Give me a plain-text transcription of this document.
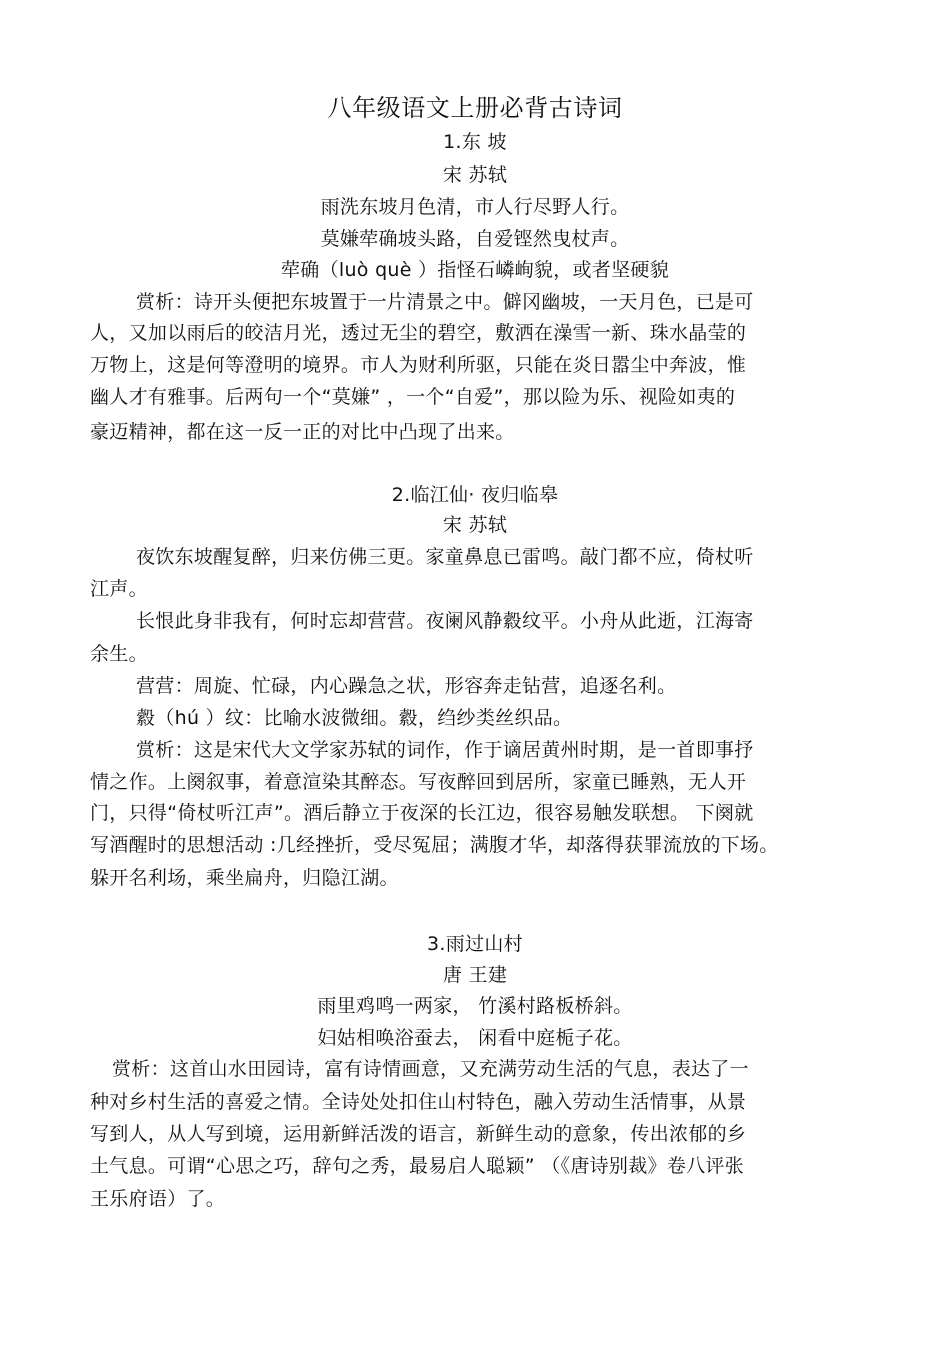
八年级语文上册必背古诗词
1.东 坡
宋 苏轼
雨洗东坡月色清，市人行尽野人行。
莫嫌荦确坡头路，自爱铿然曳杖声。
荦确（luò què ）指怪石嶙峋貌，或者坚硬貌
赏析：诗开头便把东坡置于一片清景之中。僻冈幽坡，一天月色，已是可
人，又加以雨后的皎洁月光，透过无尘的碧空，敷洒在澡雪一新、珠水晶莹的
万物上，这是何等澄明的境界。市人为财利所驱，只能在炎日嚣尘中奔波，惟
幽人才有雅事。后两句一个“莫嫌” ，一个“自爱”，那以险为乐、视险如夷的
豪迈精神，都在这一反一正的对比中凸现了出来。
2.临江仙· 夜归临皋
宋 苏轼
夜饮东坡醒复醉，归来仿佛三更。家童鼻息已雷鸣。敲门都不应，倚杖听
江声。
长恨此身非我有，何时忘却营营。夜阑风静縠纹平。小舟从此逝，江海寄
余生。
营营：周旋、忙碌，内心躁急之状，形容奔走钻营，追逐名利。
縠（hú ）纹：比喻水波微细。縠，绉纱类丝织品。
赏析：这是宋代大文学家苏轼的词作，作于谪居黄州时期，是一首即事抒
情之作。上阕叙事，着意渲染其醉态。写夜醉回到居所，家童已睡熟，无人开
门，只得“倚杖听江声”。酒后静立于夜深的长江边，很容易触发联想。 下阕就
写酒醒时的思想活动 :几经挫折，受尽冤屈；满腹才华，却落得获罪流放的下场。
躲开名利场，乘坐扁舟，归隐江湖。
3.雨过山村
唐 王建
雨里鸡鸣一两家， 竹溪村路板桥斜。
妇姑相唤浴蚕去， 闲看中庭栀子花。
赏析：这首山水田园诗，富有诗情画意，又充满劳动生活的气息，表达了一
种对乡村生活的喜爱之情。全诗处处扣住山村特色，融入劳动生活情事，从景
写到人，从人写到境，运用新鲜活泼的语言，新鲜生动的意象，传出浓郁的乡
土气息。可谓“心思之巧，辞句之秀，最易启人聪颖” （《唐诗别裁》卷八评张
王乐府语）了。
